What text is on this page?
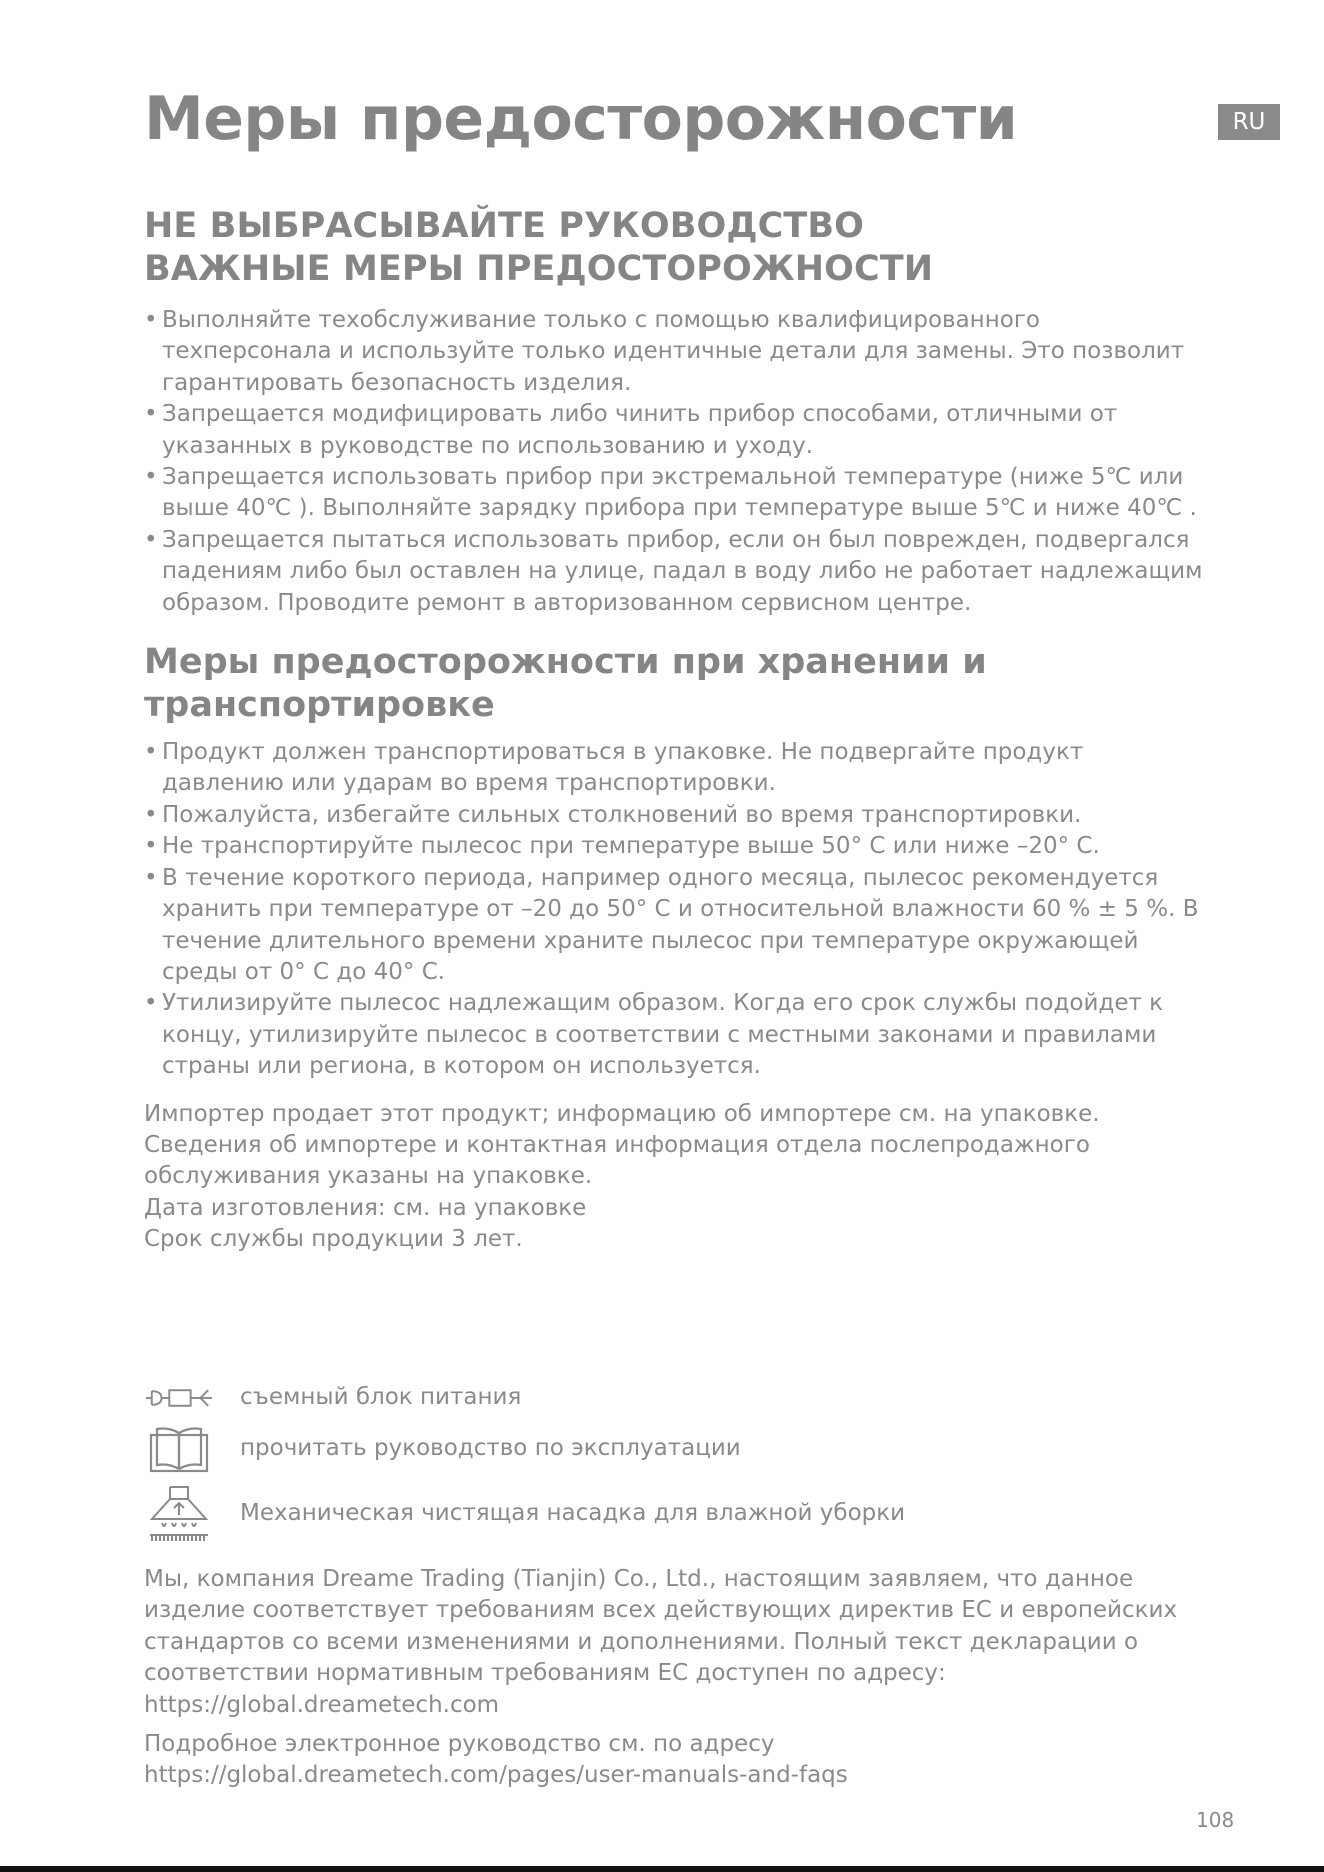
Меры предосторожности	RU
НЕ ВЫБРАСЫВАЙТЕ РУКОВОДСТВО
ВАЖНЫЕ МЕРЫ ПРЕДОСТОРОЖНОСТИ
• Выполняйте техобслуживание только с помощью квалифицированного техперсонала и используйте только идентичные детали для замены. Это позволит гарантировать безопасность изделия.
• Запрещается модифицировать либо чинить прибор способами, отличными от указанных в руководстве по использованию и уходу.
• Запрещается использовать прибор при экстремальной температуре (ниже 5℃ или выше 40℃ ). Выполняйте зарядку прибора при температуре выше 5℃ и ниже 40℃ .
• Запрещается пытаться использовать прибор, если он был поврежден, подвергался падениям либо был оставлен на улице, падал в воду либо не работает надлежащим образом. Проводите ремонт в авторизованном сервисном центре.
Меры предосторожности при хранении и
транспортировке
• Продукт должен транспортироваться в упаковке. Не подвергайте продукт давлению или ударам во время транспортировки.
• Пожалуйста, избегайте сильных столкновений во время транспортировки.
• Не транспортируйте пылесос при температуре выше 50° C или ниже –20° C.
• В течение короткого периода, например одного месяца, пылесос рекомендуется хранить при температуре от –20 до 50° C и относительной влажности 60 % ± 5 %. В течение длительного времени храните пылесос при температуре окружающей среды от 0° C до 40° C.
• Утилизируйте пылесос надлежащим образом. Когда его срок службы подойдет к концу, утилизируйте пылесос в соответствии с местными законами и правилами страны или региона, в котором он используется.

Импортер продает этот продукт; информацию об импортере см. на упаковке.

Сведения об импортере и контактная информация отдела послепродажного обслуживания указаны на упаковке.

Дата изготовления: см. на упаковке

Срок службы продукции 3 лет.

съемный блок питания
прочитать руководство по эксплуатации
Механическая чистящая насадка для влажной уборки

Мы, компания Dreame Trading (Tianjin) Co., Ltd., настоящим заявляем, что данное изделие соответствует требованиям всех действующих директив ЕС и европейских стандартов со всеми изменениями и дополнениями. Полный текст декларации о соответствии нормативным требованиям ЕС доступен по адресу: https://global.dreametech.com

Подробное электронное руководство см. по адресу
https://global.dreametech.com/pages/user-manuals-and-faqs

108
